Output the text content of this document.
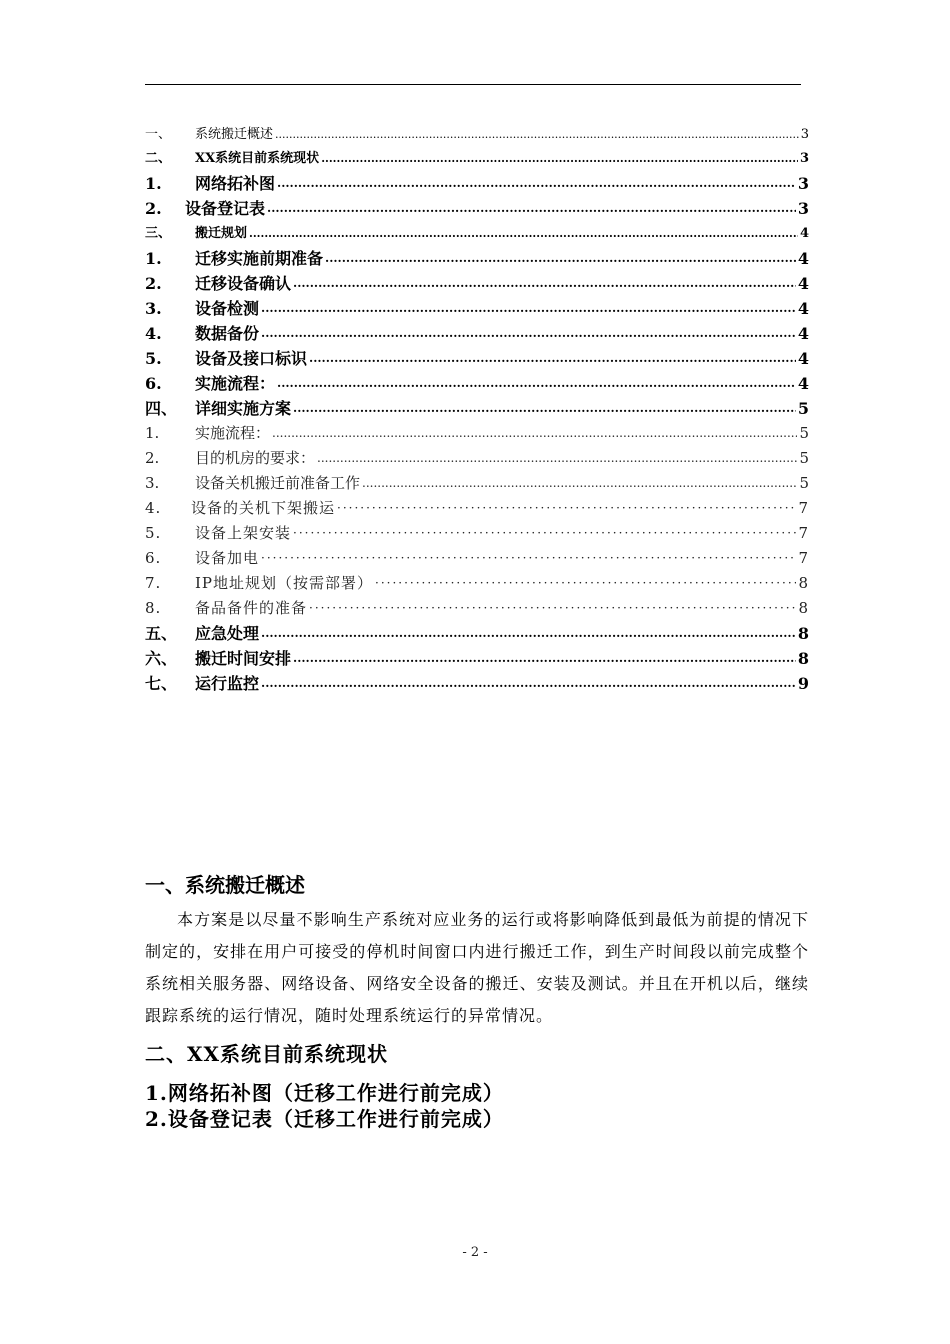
一、	系统搬迁概述 .....	3
二、	XX系统目前系统现状 .....	3
1.	网络拓补图 .....	3
2.	设备登记表 .....	3
三、	搬迁规划 .....	4
1.	迁移实施前期准备 .....	4
2.	迁移设备确认 .....	4
3.	设备检测 .....	4
4.	数据备份 .....	4
5.	设备及接口标识 .....	4
6.	实施流程： .....	4
四、	详细实施方案 .....	5
1.	实施流程： .....	5
2.	目的机房的要求： .....	5
3.	设备关机搬迁前准备工作 .....	5
4.	设备的关机下架搬运 ·····	7
5.	设备上架安装 ·····	7
6.	设备加电 ·····	7
7.	IP地址规划（按需部署） ·····	8
8.	备品备件的准备 ·····	8
五、	应急处理 .....	8
六、	搬迁时间安排 .....	8
七、	运行监控 .....	9

一、系统搬迁概述

本方案是以尽量不影响生产系统对应业务的运行或将影响降低到最低为前提的情况下制定的，安排在用户可接受的停机时间窗口内进行搬迁工作，到生产时间段以前完成整个系统相关服务器、网络设备、网络安全设备的搬迁、安装及测试。并且在开机以后，继续跟踪系统的运行情况，随时处理系统运行的异常情况。

二、XX系统目前系统现状

1.网络拓补图（迁移工作进行前完成）

2.设备登记表（迁移工作进行前完成）

- 2 -
